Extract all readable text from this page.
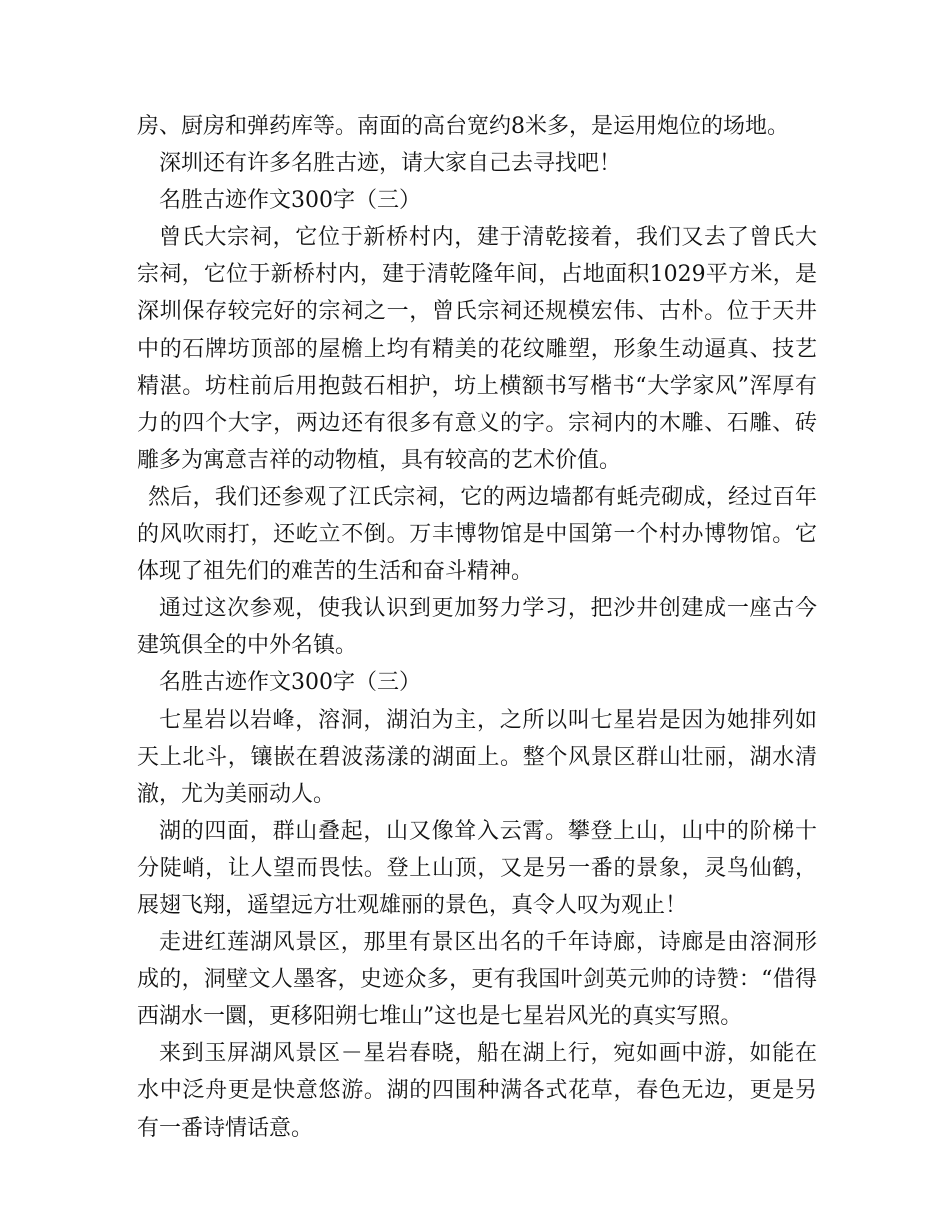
房、厨房和弹药库等。南面的高台宽约8米多，是运用炮位的场地。

深圳还有许多名胜古迹，请大家自己去寻找吧！

名胜古迹作文300字（三）

曾氏大宗祠，它位于新桥村内，建于清乾接着，我们又去了曾氏大宗祠，它位于新桥村内，建于清乾隆年间，占地面积1029平方米，是深圳保存较完好的宗祠之一，曾氏宗祠还规模宏伟、古朴。位于天井中的石牌坊顶部的屋檐上均有精美的花纹雕塑，形象生动逼真、技艺精湛。坊柱前后用抱鼓石相护，坊上横额书写楷书“大学家风”浑厚有力的四个大字，两边还有很多有意义的字。宗祠内的木雕、石雕、砖雕多为寓意吉祥的动物植，具有较高的艺术价值。

然后，我们还参观了江氏宗祠，它的两边墙都有蚝壳砌成，经过百年的风吹雨打，还屹立不倒。万丰博物馆是中国第一个村办博物馆。它体现了祖先们的难苦的生活和奋斗精神。

通过这次参观，使我认识到更加努力学习，把沙井创建成一座古今建筑俱全的中外名镇。

名胜古迹作文300字（三）

七星岩以岩峰，溶洞，湖泊为主，之所以叫七星岩是因为她排列如天上北斗，镶嵌在碧波荡漾的湖面上。整个风景区群山壮丽，湖水清澈，尤为美丽动人。

湖的四面，群山叠起，山又像耸入云霄。攀登上山，山中的阶梯十分陡峭，让人望而畏怯。登上山顶，又是另一番的景象，灵鸟仙鹤，展翅飞翔，遥望远方壮观雄丽的景色，真令人叹为观止！

走进红莲湖风景区，那里有景区出名的千年诗廊，诗廊是由溶洞形成的，洞壁文人墨客，史迹众多，更有我国叶剑英元帅的诗赞：“借得西湖水一圜，更移阳朔七堆山”这也是七星岩风光的真实写照。

来到玉屏湖风景区－星岩春晓，船在湖上行，宛如画中游，如能在水中泛舟更是快意悠游。湖的四围种满各式花草，春色无边，更是另有一番诗情话意。
